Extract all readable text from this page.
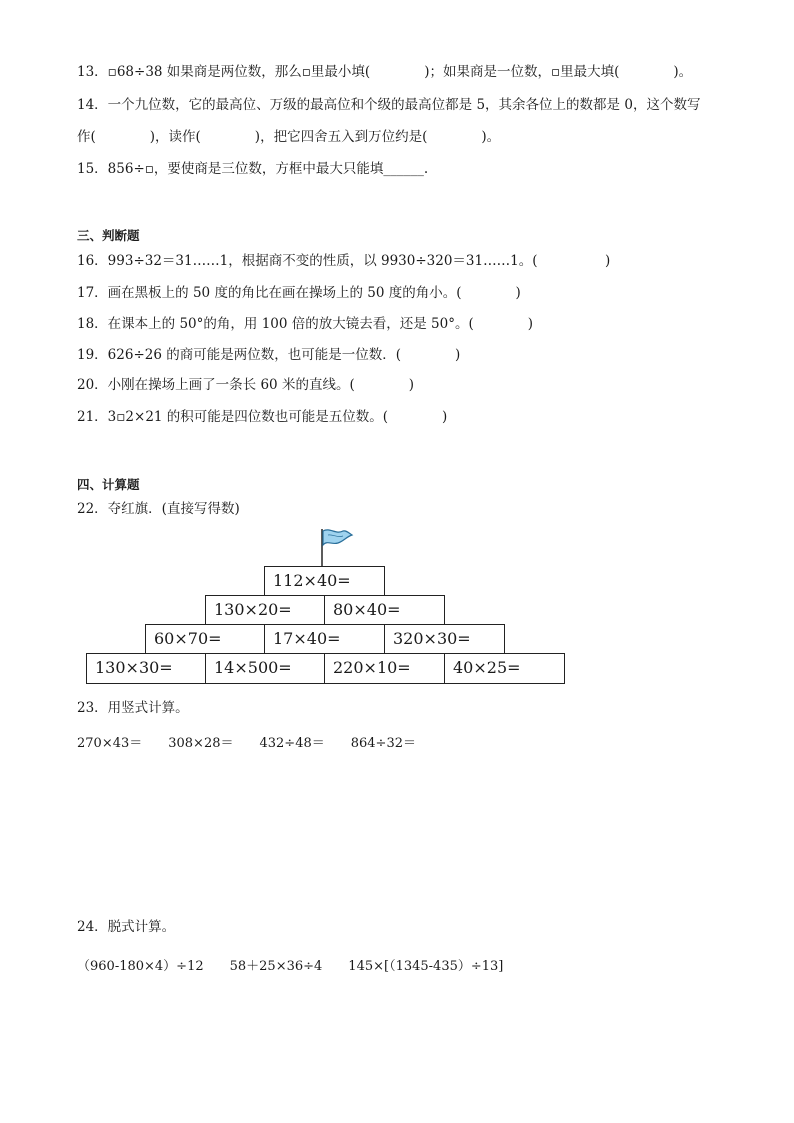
13．▫68÷38 如果商是两位数，那么▫里最小填(　　　　)；如果商是一位数，▫里最大填(　　　　)。
14．一个九位数，它的最高位、万级的最高位和个级的最高位都是 5，其余各位上的数都是 0，这个数写
作(　　　　)，读作(　　　　)，把它四舍五入到万位约是(　　　　)。
15．856÷▫，要使商是三位数，方框中最大只能填______.
三、判断题
16．993÷32＝31……1，根据商不变的性质，以 9930÷320＝31……1。(　　　　　)
17．画在黑板上的 50 度的角比在画在操场上的 50 度的角小。(　　　　)
18．在课本上的 50°的角，用 100 倍的放大镜去看，还是 50°。(　　　　)
19．626÷26 的商可能是两位数，也可能是一位数．(　　　　)
20．小刚在操场上画了一条长 60 米的直线。(　　　　)
21．3▫2×21 的积可能是四位数也可能是五位数。(　　　　)
四、计算题
22．夺红旗．(直接写得数)
112×40=
130×20=	80×40=
60×70=	17×40=	320×30=
130×30=	14×500=	220×10=	40×25=
23．用竖式计算。
270×43＝　　308×28＝　　432÷48＝　　864÷32＝
24．脱式计算。
（960-180×4）÷12　　58＋25×36÷4　　145×[（1345-435）÷13]
